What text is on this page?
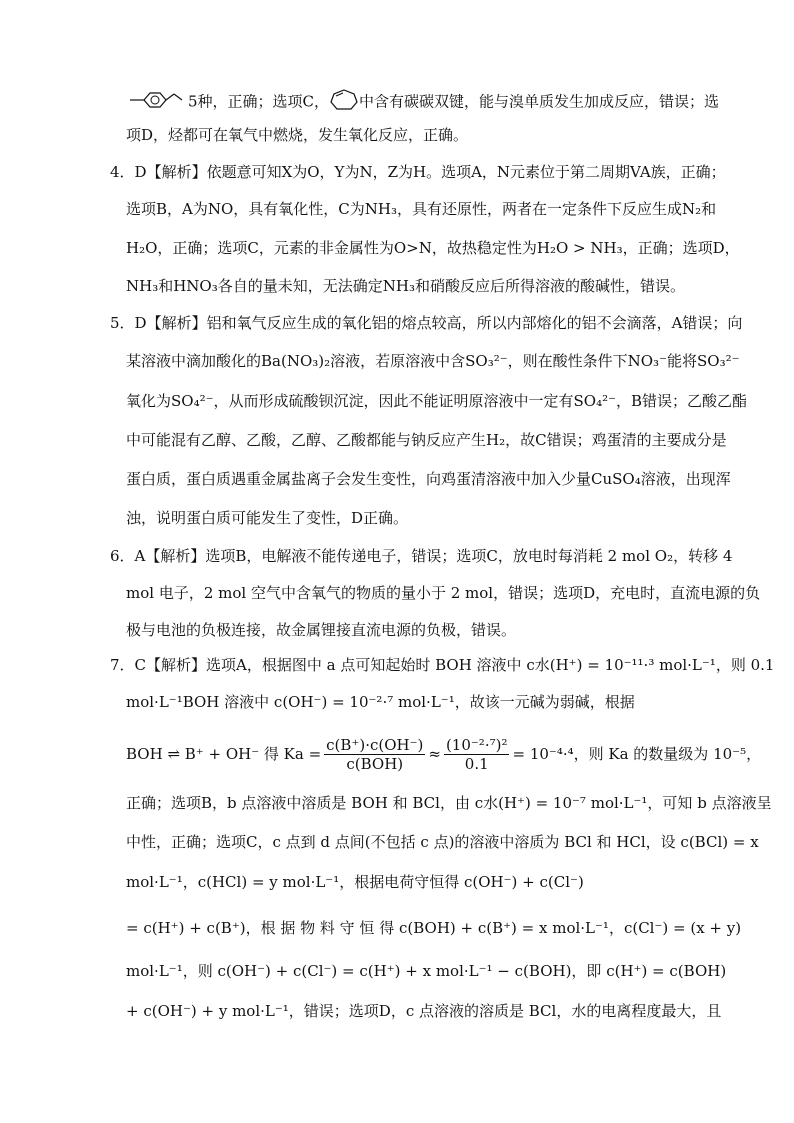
5种，正确；选项C， 中含有碳碳双键，能与溴单质发生加成反应，错误；选
项D，烃都可在氧气中燃烧，发生氧化反应，正确。
4．D【解析】依题意可知X为O，Y为N，Z为H。选项A，N元素位于第二周期VA族，正确；
选项B，A为NO，具有氧化性，C为NH₃，具有还原性，两者在一定条件下反应生成N₂和
H₂O，正确；选项C，元素的非金属性为O>N，故热稳定性为H₂O > NH₃，正确；选项D，
NH₃和HNO₃各自的量未知，无法确定NH₃和硝酸反应后所得溶液的酸碱性，错误。
5．D【解析】铝和氧气反应生成的氧化铝的熔点较高，所以内部熔化的铝不会滴落，A错误；向
某溶液中滴加酸化的Ba(NO₃)₂溶液，若原溶液中含SO₃²⁻，则在酸性条件下NO₃⁻能将SO₃²⁻
氧化为SO₄²⁻，从而形成硫酸钡沉淀，因此不能证明原溶液中一定有SO₄²⁻，B错误；乙酸乙酯
中可能混有乙醇、乙酸，乙醇、乙酸都能与钠反应产生H₂，故C错误；鸡蛋清的主要成分是
蛋白质，蛋白质遇重金属盐离子会发生变性，向鸡蛋清溶液中加入少量CuSO₄溶液，出现浑
浊，说明蛋白质可能发生了变性，D正确。
6．A【解析】选项B，电解液不能传递电子，错误；选项C，放电时每消耗 2 mol O₂，转移 4
mol 电子，2 mol 空气中含氧气的物质的量小于 2 mol，错误；选项D，充电时，直流电源的负
极与电池的负极连接，故金属锂接直流电源的负极，错误。
7．C【解析】选项A，根据图中 a 点可知起始时 BOH 溶液中 c水(H⁺) = 10⁻¹¹·³ mol·L⁻¹，则 0.1
mol·L⁻¹BOH 溶液中 c(OH⁻) = 10⁻²·⁷ mol·L⁻¹，故该一元碱为弱碱，根据
BOH ⇌ B⁺ + OH⁻ 得 $Ka = \frac{c(B^+)\cdot c(OH^-)}{\text{c(BOH)}} \approx \frac{\text{(10⁻²·⁷)²}}{0.1} = 10^{-4}\cdot^4$，则 Ka 的数量级为 10⁻⁵，
正确；选项B，b 点溶液中溶质是 BOH 和 BCl，由 c水(H⁺) = 10⁻⁷ mol·L⁻¹，可知 b 点溶液呈
中性，正确；选项C，c 点到 d 点间(不包括 c 点)的溶液中溶质为 BCl 和 HCl，设 c(BCl) = x
mol·L⁻¹，c(HCl) = y mol·L⁻¹，根据电荷守恒得 c(OH⁻) + c(Cl⁻)
= c(H⁺) + c(B⁺)，根 据 物 料 守 恒 得 c(BOH) + c(B⁺) = x mol·L⁻¹，c(Cl⁻) = (x + y)
mol·L⁻¹，则 c(OH⁻) + c(Cl⁻) = c(H⁺) + x mol·L⁻¹ − c(BOH)，即 c(H⁺) = c(BOH)
+ c(OH⁻) + y mol·L⁻¹，错误；选项D，c 点溶液的溶质是 BCl，水的电离程度最大，且
